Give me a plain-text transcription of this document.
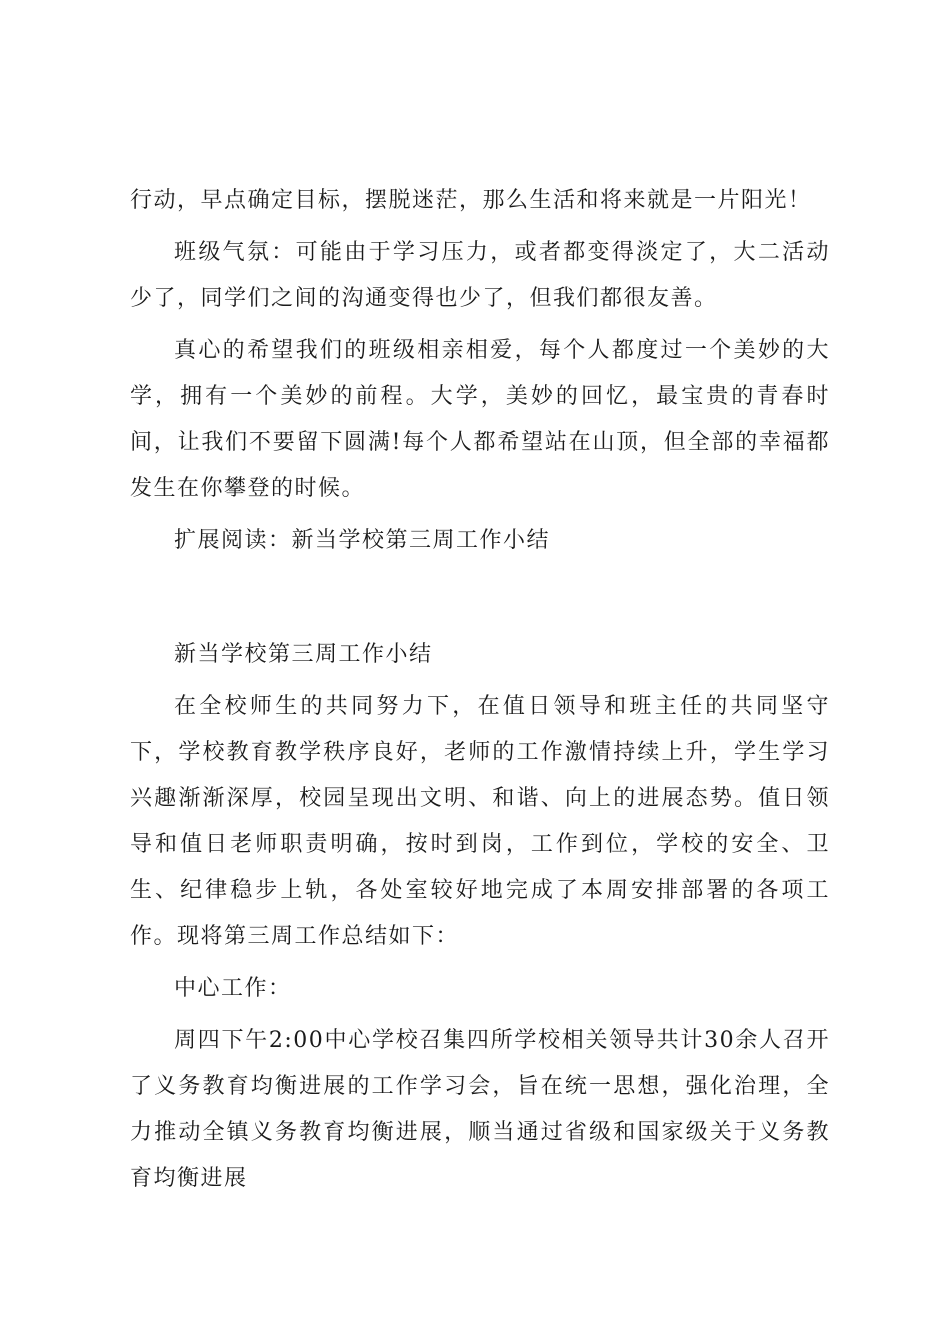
行动，早点确定目标，摆脱迷茫，那么生活和将来就是一片阳光！

班级气氛：可能由于学习压力，或者都变得淡定了，大二活动少了，同学们之间的沟通变得也少了，但我们都很友善。

真心的希望我们的班级相亲相爱，每个人都度过一个美妙的大学，拥有一个美妙的前程。大学，美妙的回忆，最宝贵的青春时间，让我们不要留下圆满!每个人都希望站在山顶，但全部的幸福都发生在你攀登的时候。

扩展阅读：新当学校第三周工作小结

新当学校第三周工作小结

在全校师生的共同努力下，在值日领导和班主任的共同坚守下，学校教育教学秩序良好，老师的工作激情持续上升，学生学习兴趣渐渐深厚，校园呈现出文明、和谐、向上的进展态势。值日领导和值日老师职责明确，按时到岗，工作到位，学校的安全、卫生、纪律稳步上轨，各处室较好地完成了本周安排部署的各项工作。现将第三周工作总结如下：

中心工作：

周四下午2:00中心学校召集四所学校相关领导共计30余人召开了义务教育均衡进展的工作学习会，旨在统一思想，强化治理，全力推动全镇义务教育均衡进展，顺当通过省级和国家级关于义务教育均衡进展
